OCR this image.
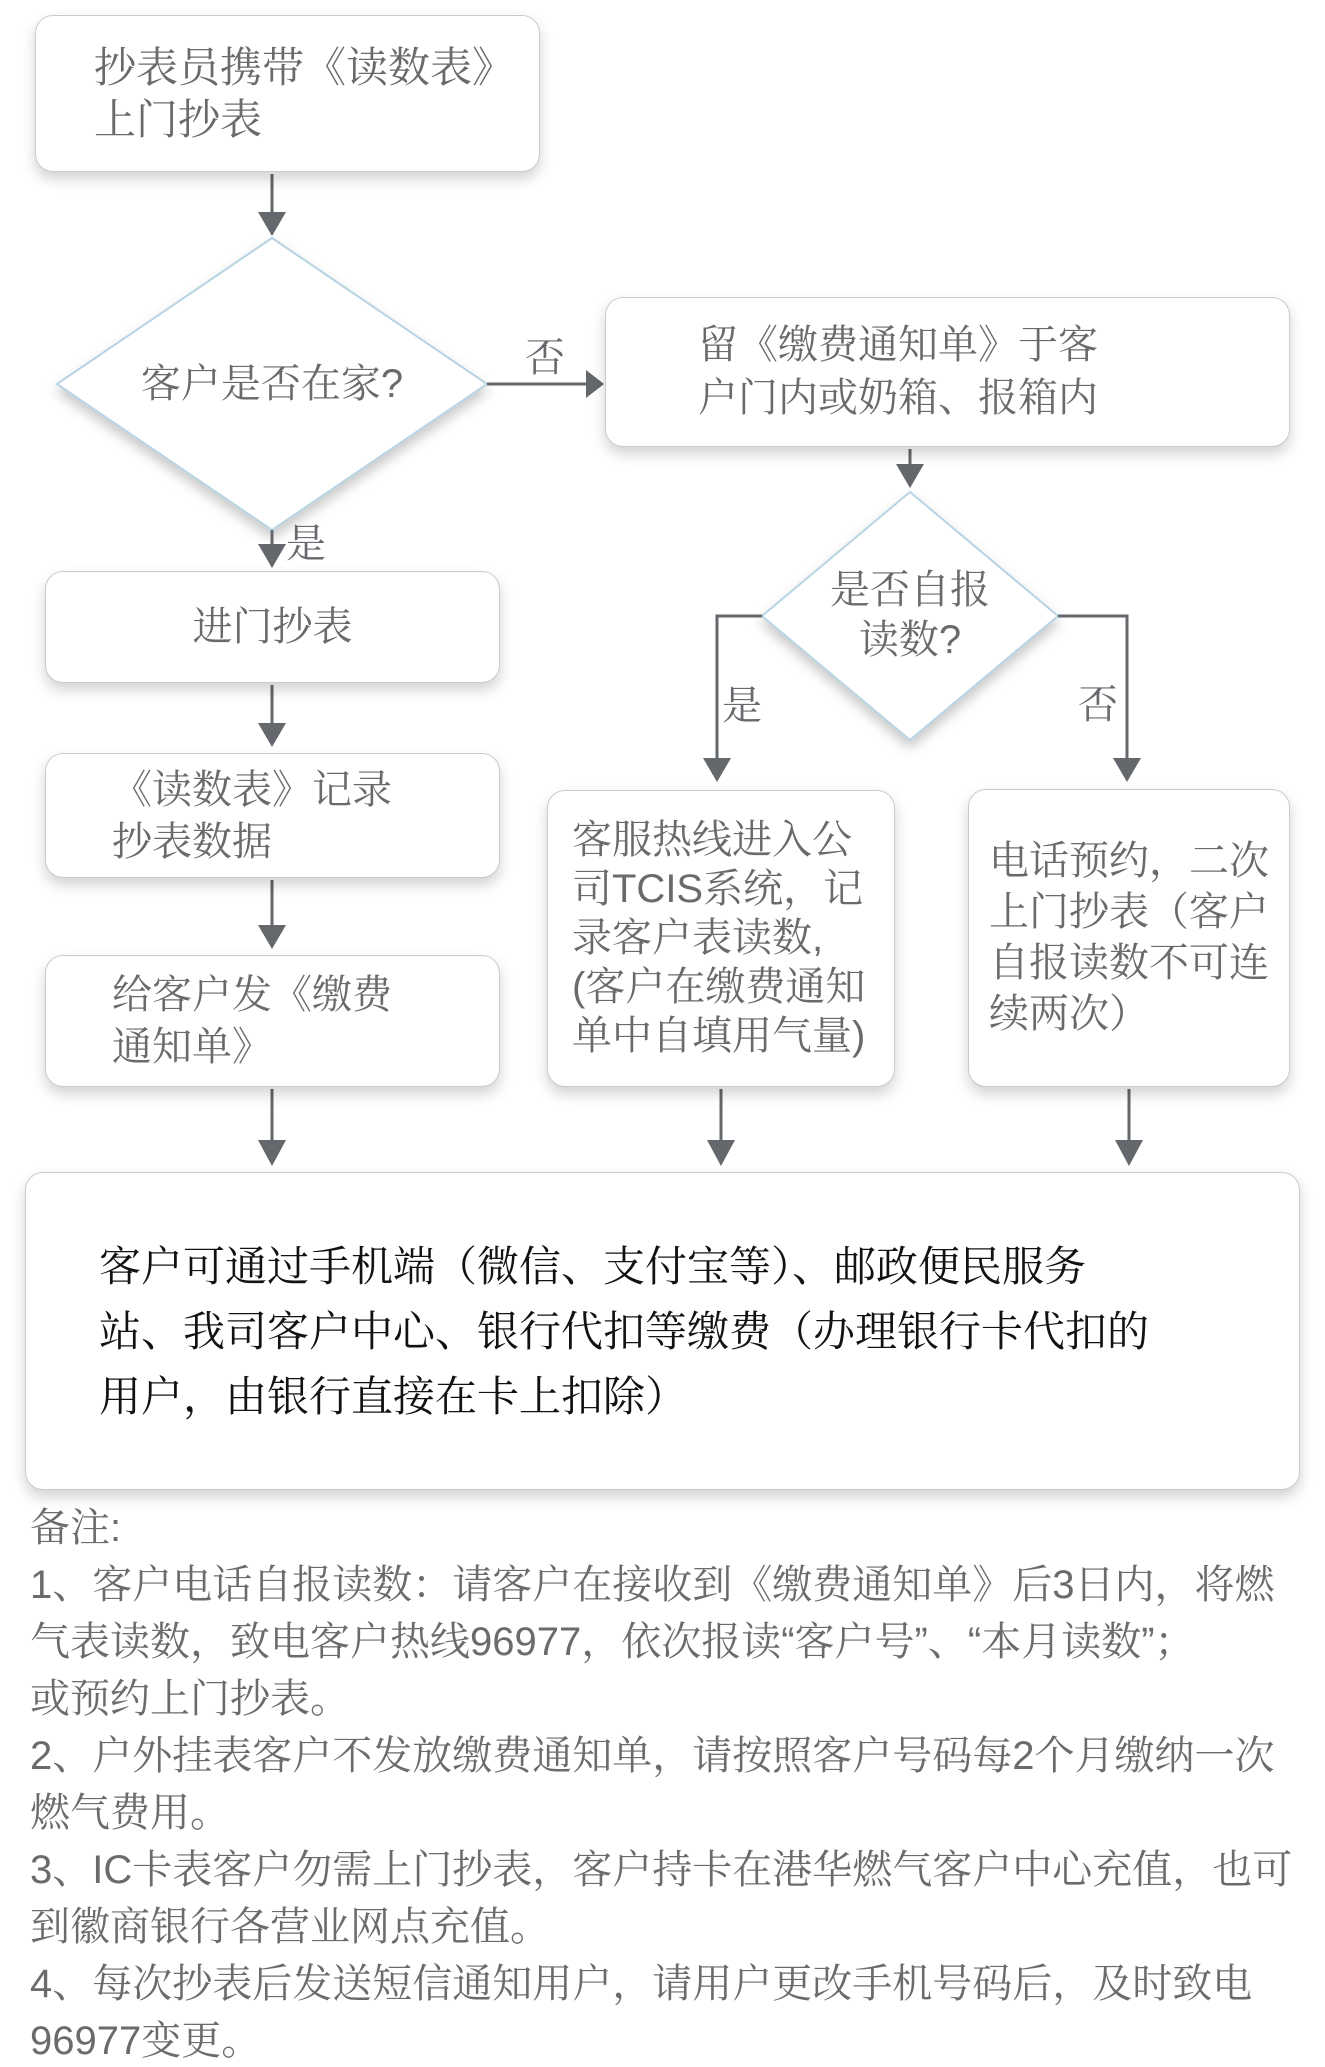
抄表员携带《读数表》
上门抄表
客户是否在家?
否
是
留《缴费通知单》于客
户门内或奶箱、报箱内
进门抄表
《读数表》记录
抄表数据
给客户发《缴费
通知单》
是否自报
读数?
是	否
客服热线进入公
司TCIS系统，记
录客户表读数,
(客户在缴费通知
单中自填用气量)
电话预约，二次
上门抄表（客户
自报读数不可连
续两次）
客户可通过手机端（微信、支付宝等）、邮政便民服务
站、我司客户中心、银行代扣等缴费（办理银行卡代扣的
用户，由银行直接在卡上扣除）
备注:
1、客户电话自报读数：请客户在接收到《缴费通知单》后3日内，将燃
气表读数，致电客户热线96977，依次报读“客户号”、“本月读数”；
或预约上门抄表。
2、户外挂表客户不发放缴费通知单，请按照客户号码每2个月缴纳一次
燃气费用。
3、IC卡表客户勿需上门抄表，客户持卡在港华燃气客户中心充值，也可
到徽商银行各营业网点充值。
4、每次抄表后发送短信通知用户，请用户更改手机号码后，及时致电
96977变更。
